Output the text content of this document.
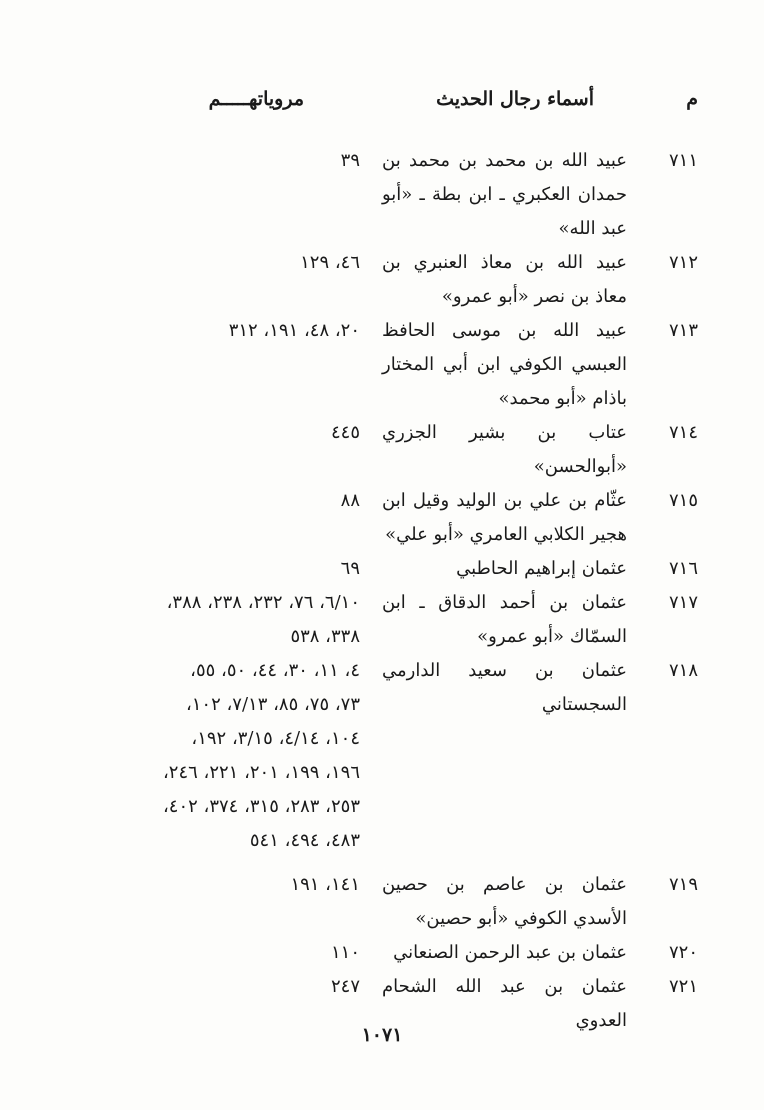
م
أسماء رجال الحديث
مروياتهـــــم
٧١١
عبيد الله بن محمد بن محمد بن حمدان العكبري ـ ابن بطة ـ «أبو عبد الله»
٣٩
٧١٢
عبيد الله بن معاذ العنبري بن معاذ بن نصر «أبو عمرو»
٤٦، ١٢٩
٧١٣
عبيد الله بن موسى الحافظ العبسي الكوفي ابن أبي المختار باذام «أبو محمد»
٢٠، ٤٨، ١٩١، ٣١٢
٧١٤
عتاب بن بشير الجزري «أبوالحسن»
٤٤٥
٧١٥
عثّام بن علي بن الوليد وقيل ابن هجير الكلابي العامري «أبو علي»
٨٨
٧١٦
عثمان إبراهيم الحاطبي
٦٩
٧١٧
عثمان بن أحمد الدقاق ـ ابن السمّاك «أبو عمرو»
٦/١٠، ٧٦، ٢٣٢، ٢٣٨، ٣٨٨،
٣٣٨، ٥٣٨
٧١٨
عثمان بن سعيد الدارمي السجستاني
٤، ١١، ٣٠، ٤٤، ٥٠، ٥٥،
٧٣، ٧٥، ٨٥، ٧/١٣، ١٠٢،
١٠٤، ٤/١٤، ٣/١٥، ١٩٢،
١٩٦، ١٩٩، ٢٠١، ٢٢١، ٢٤٦،
٢٥٣، ٢٨٣، ٣١٥، ٣٧٤، ٤٠٢،
٤٨٣، ٤٩٤، ٥٤١
٧١٩
عثمان بن عاصم بن حصين الأسدي الكوفي «أبو حصين»
١٤١، ١٩١
٧٢٠
عثمان بن عبد الرحمن الصنعاني
١١٠
٧٢١
عثمان بن عبد الله الشحام العدوي
٢٤٧
١٠٧١
